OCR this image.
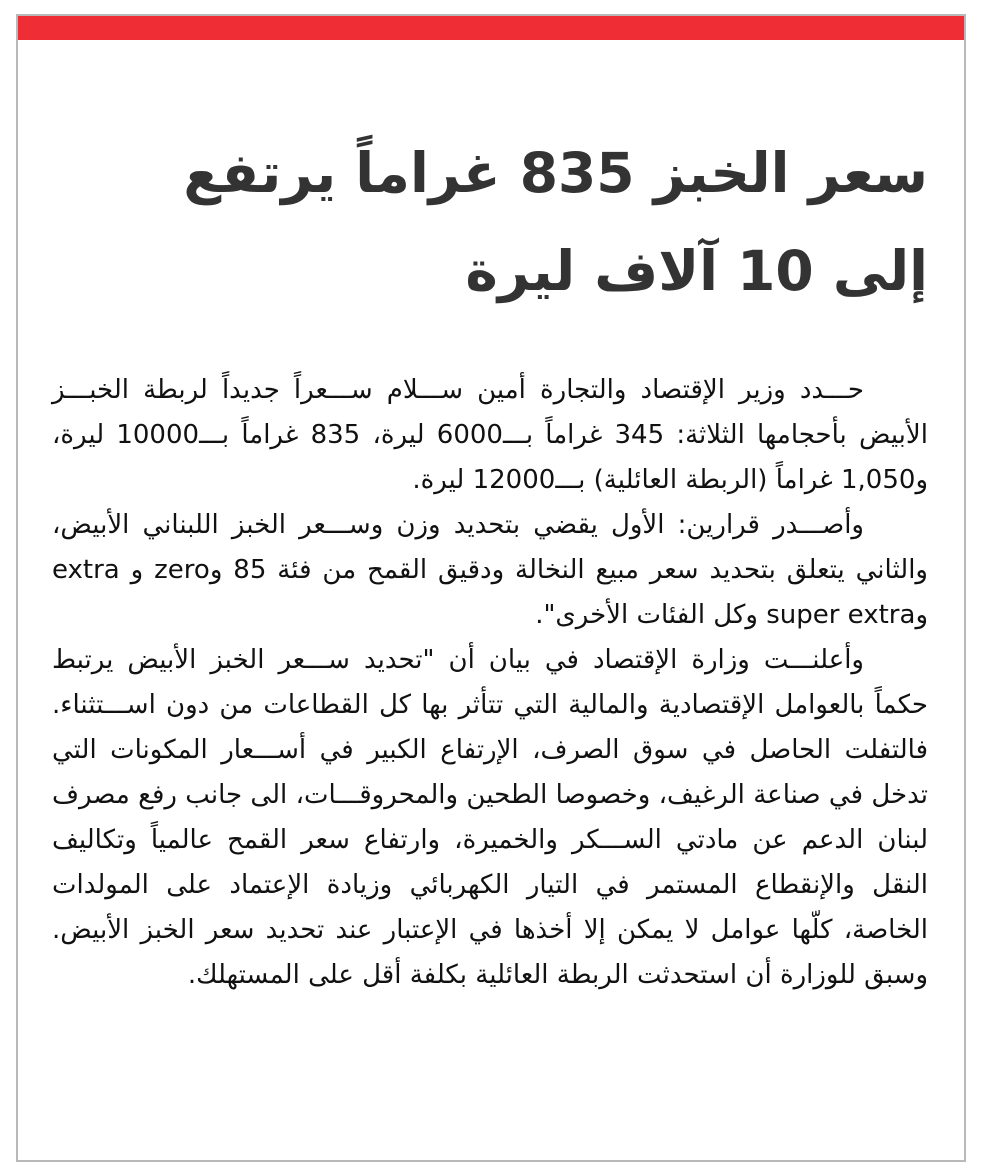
سعر الخبز 835 غراماً يرتفع
إلى 10 آلاف ليرة

حـــدد وزير الإقتصاد والتجارة أمين ســـلام ســـعراً جديداً لربطة الخبـــز الأبيض بأحجامها الثلاثة: 345 غراماً بـــ6000 ليرة، 835 غراماً بـــ10000 ليرة، و1,050 غراماً (الربطة العائلية) بـــ12000 ليرة.

وأصـــدر قرارين: الأول يقضي بتحديد وزن وســـعر الخبز اللبناني الأبيض، والثاني يتعلق بتحديد سعر مبيع النخالة ودقيق القمح من فئة 85 وzero و extra وsuper extra وكل الفئات الأخرى".

وأعلنـــت وزارة الإقتصاد في بيان أن "تحديد ســـعر الخبز الأبيض يرتبط حكماً بالعوامل الإقتصادية والمالية التي تتأثر بها كل القطاعات من دون اســـتثناء. فالتفلت الحاصل في سوق الصرف، الإرتفاع الكبير في أســـعار المكونات التي تدخل في صناعة الرغيف، وخصوصا الطحين والمحروقـــات، الى جانب رفع مصرف لبنان الدعم عن مادتي الســـكر والخميرة، وارتفاع سعر القمح عالمياً وتكاليف النقل والإنقطاع المستمر في التيار الكهربائي وزيادة الإعتماد على المولدات الخاصة، كلّها عوامل لا يمكن إلا أخذها في الإعتبار عند تحديد سعر الخبز الأبيض. وسبق للوزارة أن استحدثت الربطة العائلية بكلفة أقل على المستهلك.
